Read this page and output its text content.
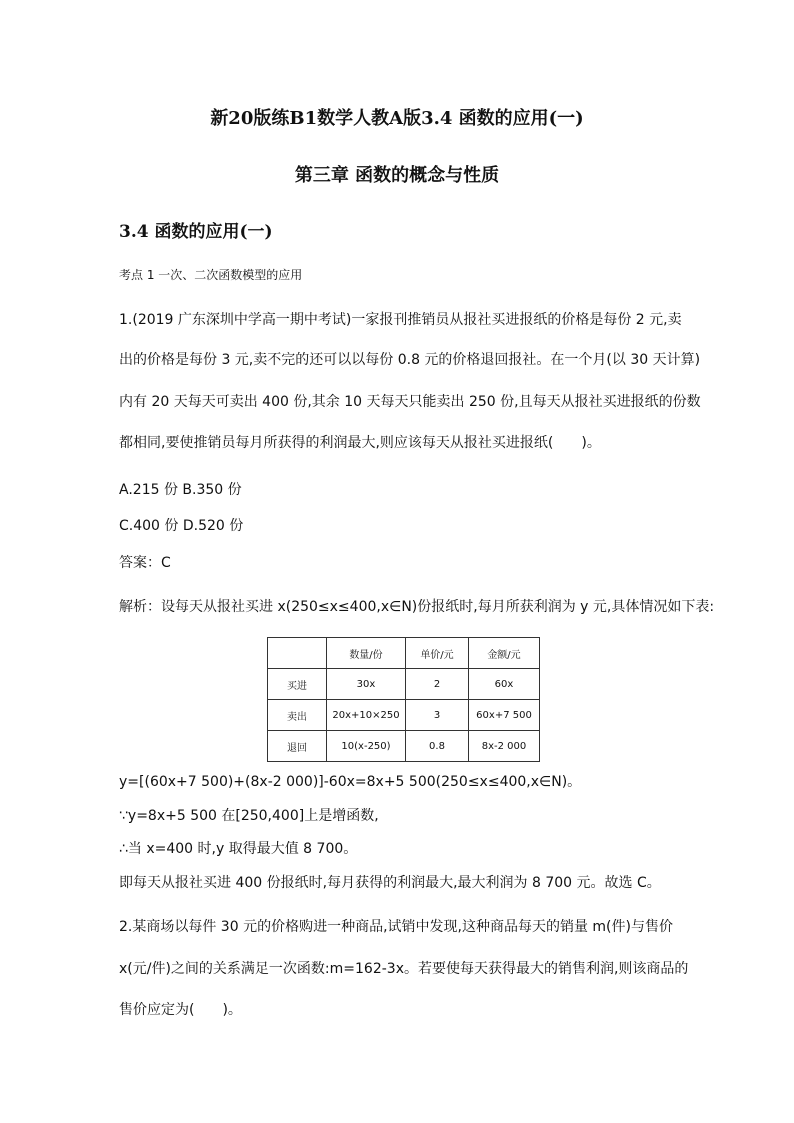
新20版练B1数学人教A版3.4 函数的应用(一)
第三章 函数的概念与性质
3.4 函数的应用(一)
考点 1 一次、二次函数模型的应用
1.(2019 广东深圳中学高一期中考试)一家报刊推销员从报社买进报纸的价格是每份 2 元,卖
出的价格是每份 3 元,卖不完的还可以以每份 0.8 元的价格退回报社。在一个月(以 30 天计算)
内有 20 天每天可卖出 400 份,其余 10 天每天只能卖出 250 份,且每天从报社买进报纸的份数
都相同,要使推销员每月所获得的利润最大,则应该每天从报社买进报纸(　　)。
A.215 份 B.350 份
C.400 份 D.520 份
答案：C
解析：设每天从报社买进 x(250≤x≤400,x∈N)份报纸时,每月所获利润为 y 元,具体情况如下表:
	数量/份	单价/元	金额/元
买进	30x	2	60x
卖出	20x+10×250	3	60x+7 500
退回	10(x-250)	0.8	8x-2 000
y=[(60x+7 500)+(8x-2 000)]-60x=8x+5 500(250≤x≤400,x∈N)。
∵y=8x+5 500 在[250,400]上是增函数,
∴当 x=400 时,y 取得最大值 8 700。
即每天从报社买进 400 份报纸时,每月获得的利润最大,最大利润为 8 700 元。故选 C。
2.某商场以每件 30 元的价格购进一种商品,试销中发现,这种商品每天的销量 m(件)与售价
x(元/件)之间的关系满足一次函数:m=162-3x。若要使每天获得最大的销售利润,则该商品的
售价应定为(　　)。
